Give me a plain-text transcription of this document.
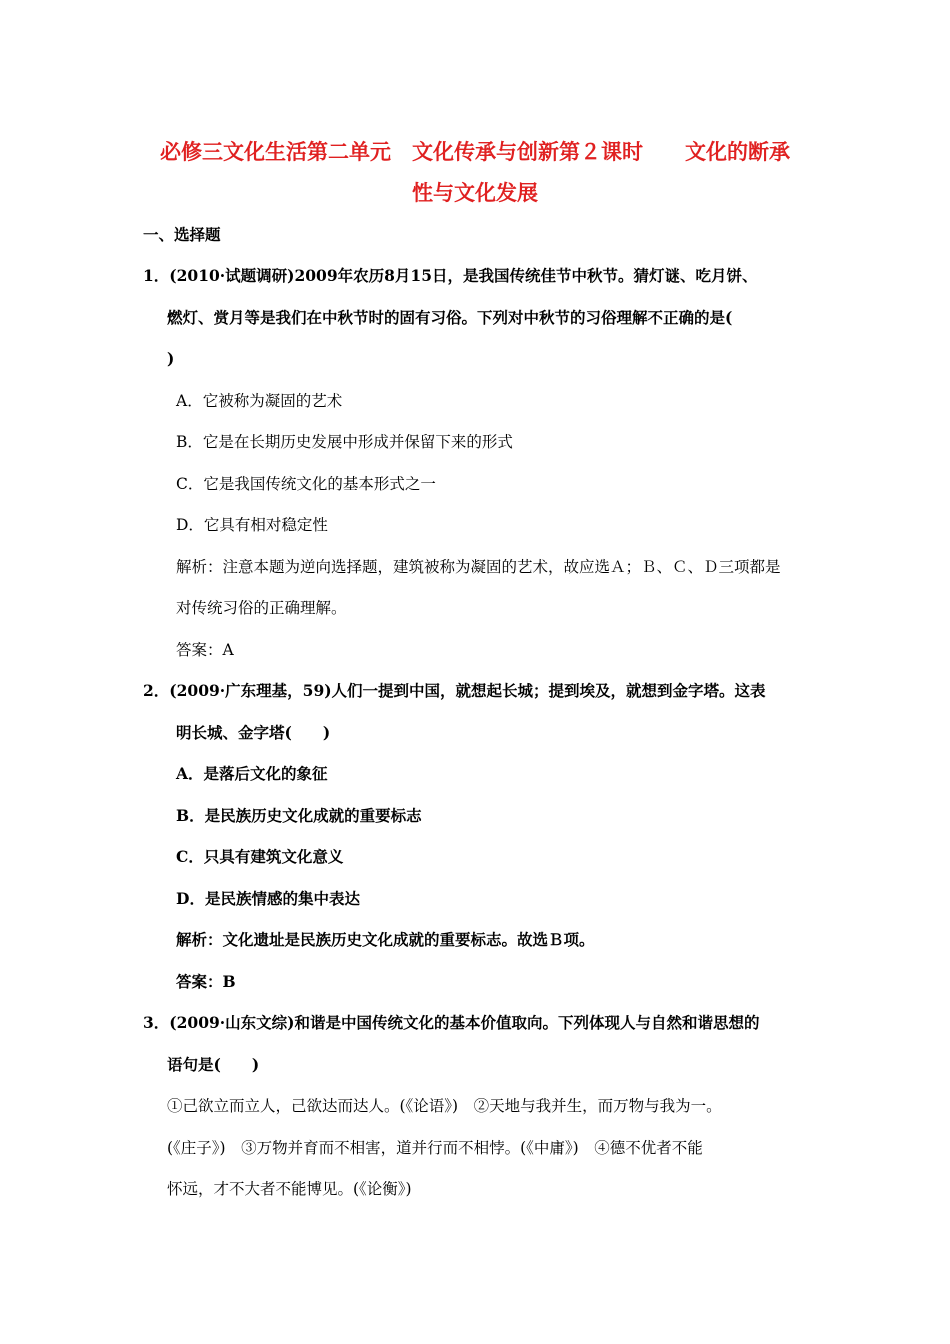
必修三文化生活第二单元　文化传承与创新第２课时　　文化的断承
性与文化发展
一、选择题
1．(2010·试题调研)2009年农历8月15日，是我国传统佳节中秋节。猜灯谜、吃月饼、
燃灯、赏月等是我们在中秋节时的固有习俗。下列对中秋节的习俗理解不正确的是(
)
A．它被称为凝固的艺术
B．它是在长期历史发展中形成并保留下来的形式
C．它是我国传统文化的基本形式之一
D．它具有相对稳定性
解析：注意本题为逆向选择题，建筑被称为凝固的艺术，故应选Ａ；Ｂ、Ｃ、Ｄ三项都是
对传统习俗的正确理解。
答案：A
2．(2009·广东理基，59)人们一提到中国，就想起长城；提到埃及，就想到金字塔。这表
明长城、金字塔(　　)
A．是落后文化的象征
B．是民族历史文化成就的重要标志
C．只具有建筑文化意义
D．是民族情感的集中表达
解析：文化遗址是民族历史文化成就的重要标志。故选Ｂ项。
答案：B
3．(2009·山东文综)和谐是中国传统文化的基本价值取向。下列体现人与自然和谐思想的
语句是(　　)
①己欲立而立人，己欲达而达人。(《论语》)　②天地与我并生，而万物与我为一。
(《庄子》)　③万物并育而不相害，道并行而不相悖。(《中庸》)　④德不优者不能
怀远，才不大者不能博见。(《论衡》)
